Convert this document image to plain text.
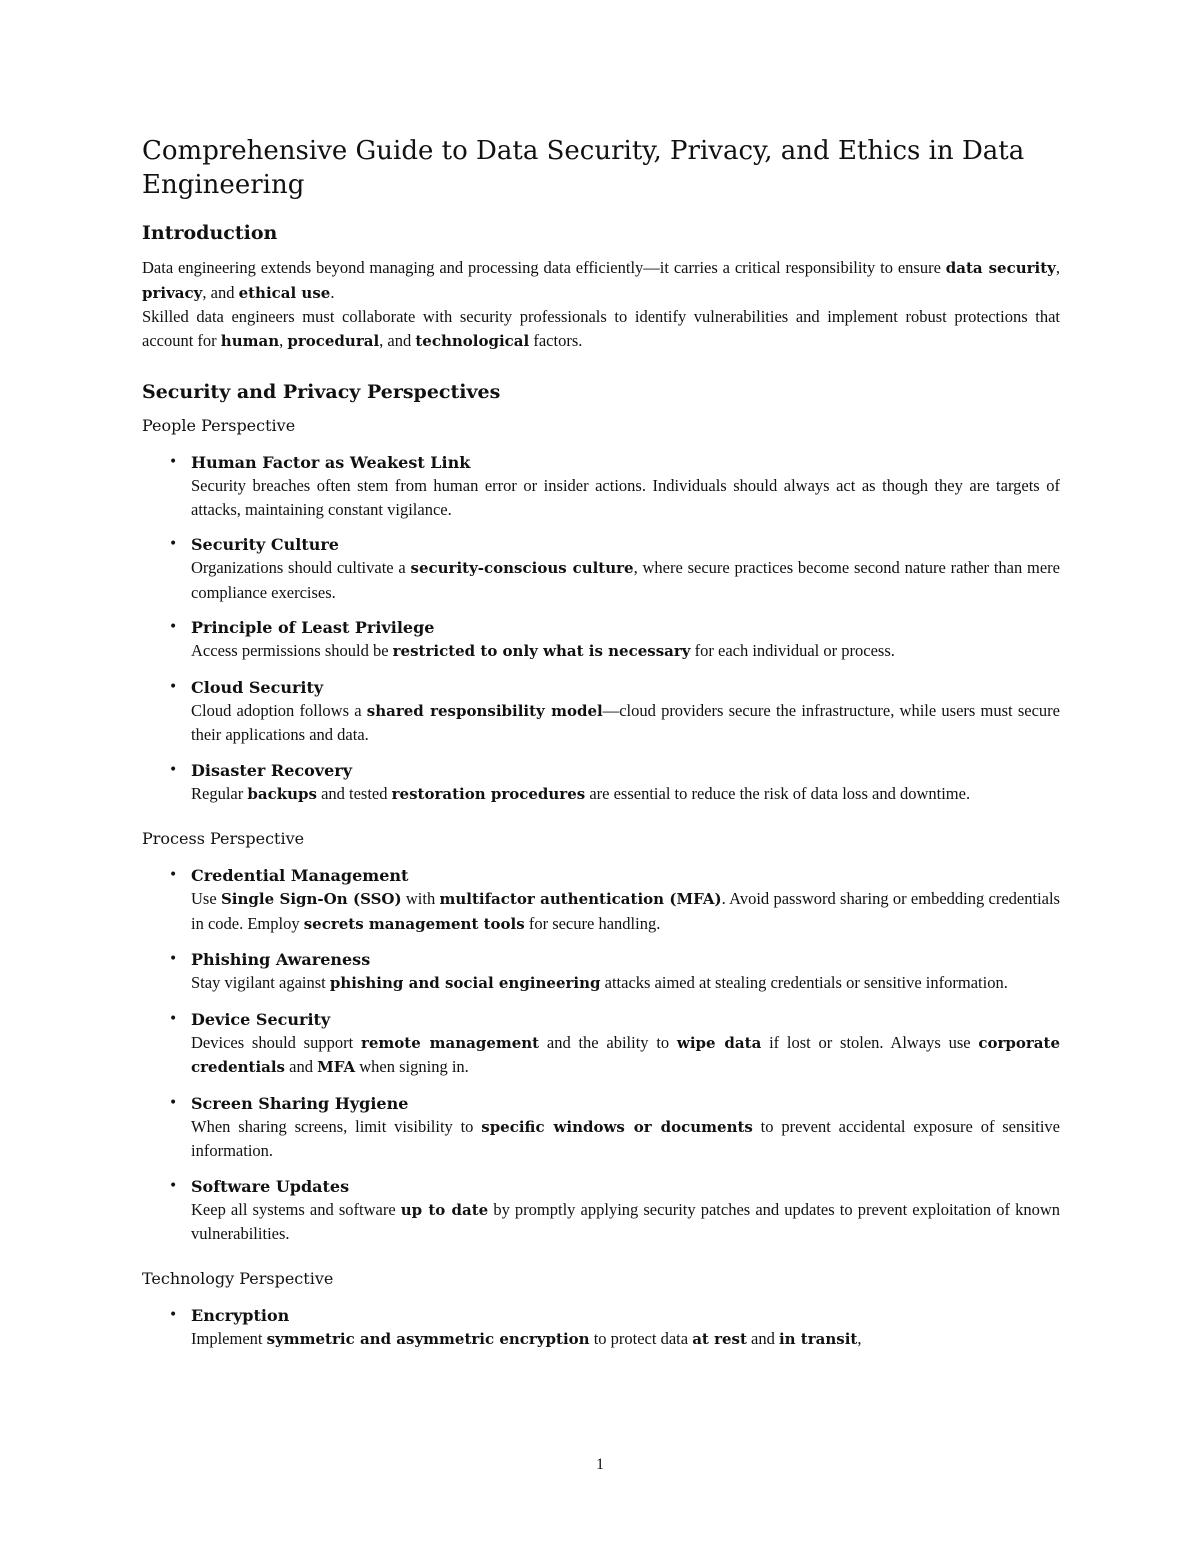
Comprehensive Guide to Data Security, Privacy, and Ethics in Data Engineering
Introduction

Data engineering extends beyond managing and processing data efficiently—it carries a critical responsibility to ensure data security, privacy, and ethical use.

Skilled data engineers must collaborate with security professionals to identify vulnerabilities and implement robust protections that account for human, procedural, and technological factors.

Security and Privacy Perspectives
People Perspective
• Human Factor as Weakest Link
Security breaches often stem from human error or insider actions. Individuals should always act as though they are targets of attacks, maintaining constant vigilance.
• Security Culture
Organizations should cultivate a security-conscious culture, where secure practices become second nature rather than mere compliance exercises.
• Principle of Least Privilege
Access permissions should be restricted to only what is necessary for each individual or process.
• Cloud Security
Cloud adoption follows a shared responsibility model—cloud providers secure the infrastructure, while users must secure their applications and data.
• Disaster Recovery
Regular backups and tested restoration procedures are essential to reduce the risk of data loss and downtime.
Process Perspective
• Credential Management
Use Single Sign-On (SSO) with multifactor authentication (MFA). Avoid password sharing or embedding credentials in code. Employ secrets management tools for secure handling.
• Phishing Awareness
Stay vigilant against phishing and social engineering attacks aimed at stealing credentials or sensitive information.
• Device Security
Devices should support remote management and the ability to wipe data if lost or stolen. Always use corporate credentials and MFA when signing in.
• Screen Sharing Hygiene
When sharing screens, limit visibility to specific windows or documents to prevent accidental exposure of sensitive information.
• Software Updates
Keep all systems and software up to date by promptly applying security patches and updates to prevent exploitation of known vulnerabilities.
Technology Perspective
• Encryption
Implement symmetric and asymmetric encryption to protect data at rest and in transit,
1
